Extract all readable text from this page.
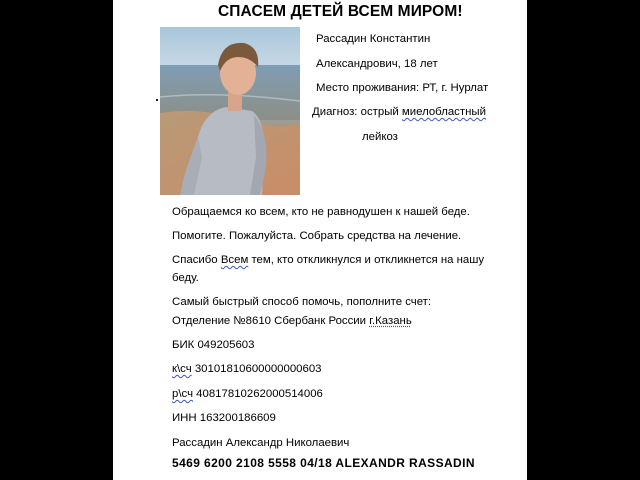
СПАСЕМ ДЕТЕЙ ВСЕМ МИРОМ!

Рассадин Константин

Александрович, 18 лет

Место проживания: РТ, г. Нурлат

Диагноз: острый миелобластный

лейкоз

Обращаемся ко всем, кто не равнодушен к нашей беде.

Помогите. Пожалуйста. Собрать средства на лечение.

Спасибо Всем тем, кто откликнулся и откликнется на нашу

беду.

Самый быстрый способ помочь, пополните счет:

Отделение №8610 Сбербанк России г.Казань

БИК 049205603

к\сч 30101810600000000603

р\сч 40817810262000514006

ИНН 163200186609

Рассадин Александр Николаевич

5469 6200 2108 5558 04/18 ALEXANDR RASSADIN
